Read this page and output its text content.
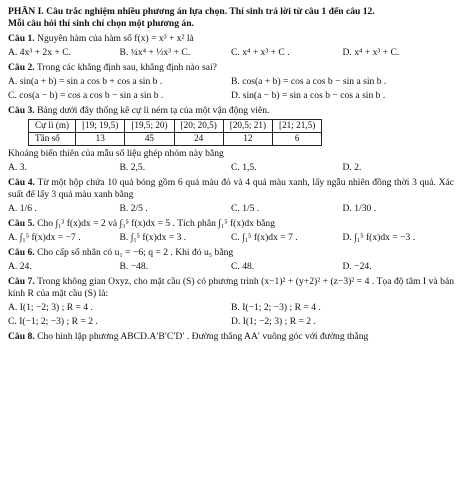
PHẦN I. Câu trắc nghiệm nhiều phương án lựa chọn. Thí sinh trả lời từ câu 1 đến câu 12.
Mỗi câu hỏi thí sinh chỉ chọn một phương án.
Câu 1. Nguyên hàm của hàm số f(x) = x³ + x² là
A. 4x³ + 2x + C.	B. ¼x⁴ + ⅓x³ + C.	C. x⁴ + x³ + C .	D. x⁴ + x³ + C.
Câu 2. Trong các khẳng định sau, khẳng định nào sai?
A. sin(a + b) = sin a cos b + cos a sin b .	B. cos(a + b) = cos a cos b − sin a sin b .
C. cos(a − b) = cos a cos b − sin a sin b .	D. sin(a − b) = sin a cos b − cos a sin b .
Câu 3. Bảng dưới đây thống kê cự li ném tạ của một vận động viên.
Cự li (m)	[19; 19,5)	[19,5; 20)	[20; 20,5)	[20,5; 21)	[21; 21,5)
Tần số	13	45	24	12	6
Khoảng biến thiên của mẫu số liệu ghép nhóm này bằng
A. 3.	B. 2,5.	C. 1,5.	D. 2.
Câu 4. Từ một hộp chứa 10 quả bóng gồm 6 quả màu đỏ và 4 quả màu xanh, lấy ngẫu nhiên đồng thời 3 quả. Xác suất để lấy 3 quả màu xanh bằng
A. 1/6 .	B. 2/5 .	C. 1/5 .	D. 1/30 .
Câu 5. Cho ∫₁³ f(x)dx = 2 và ∫₃⁵ f(x)dx = 5 . Tích phân ∫₁⁵ f(x)dx bằng
A. ∫₁⁵ f(x)dx = −7 .	B. ∫₁⁵ f(x)dx = 3 .	C. ∫₁⁵ f(x)dx = 7 .	D. ∫₁⁵ f(x)dx = −3 .
Câu 6. Cho cấp số nhân có u₁ = −6; q = 2 . Khi đó u₅ bằng
A. 24.	B. −48.	C. 48.	D. −24.
Câu 7. Trong không gian Oxyz, cho mặt cầu (S) có phương trình (x−1)² + (y+2)² + (z−3)² = 4 . Tọa độ tâm I và bán kính R của mặt cầu (S) là:
A. I(1; −2; 3) ; R = 4 .	B. I(−1; 2; −3) ; R = 4 .
C. I(−1; 2; −3) ; R = 2 .	D. I(1; −2; 3) ; R = 2 .
Câu 8. Cho hình lập phương ABCD.A′B′C′D′ . Đường thẳng AA′ vuông góc với đường thẳng
